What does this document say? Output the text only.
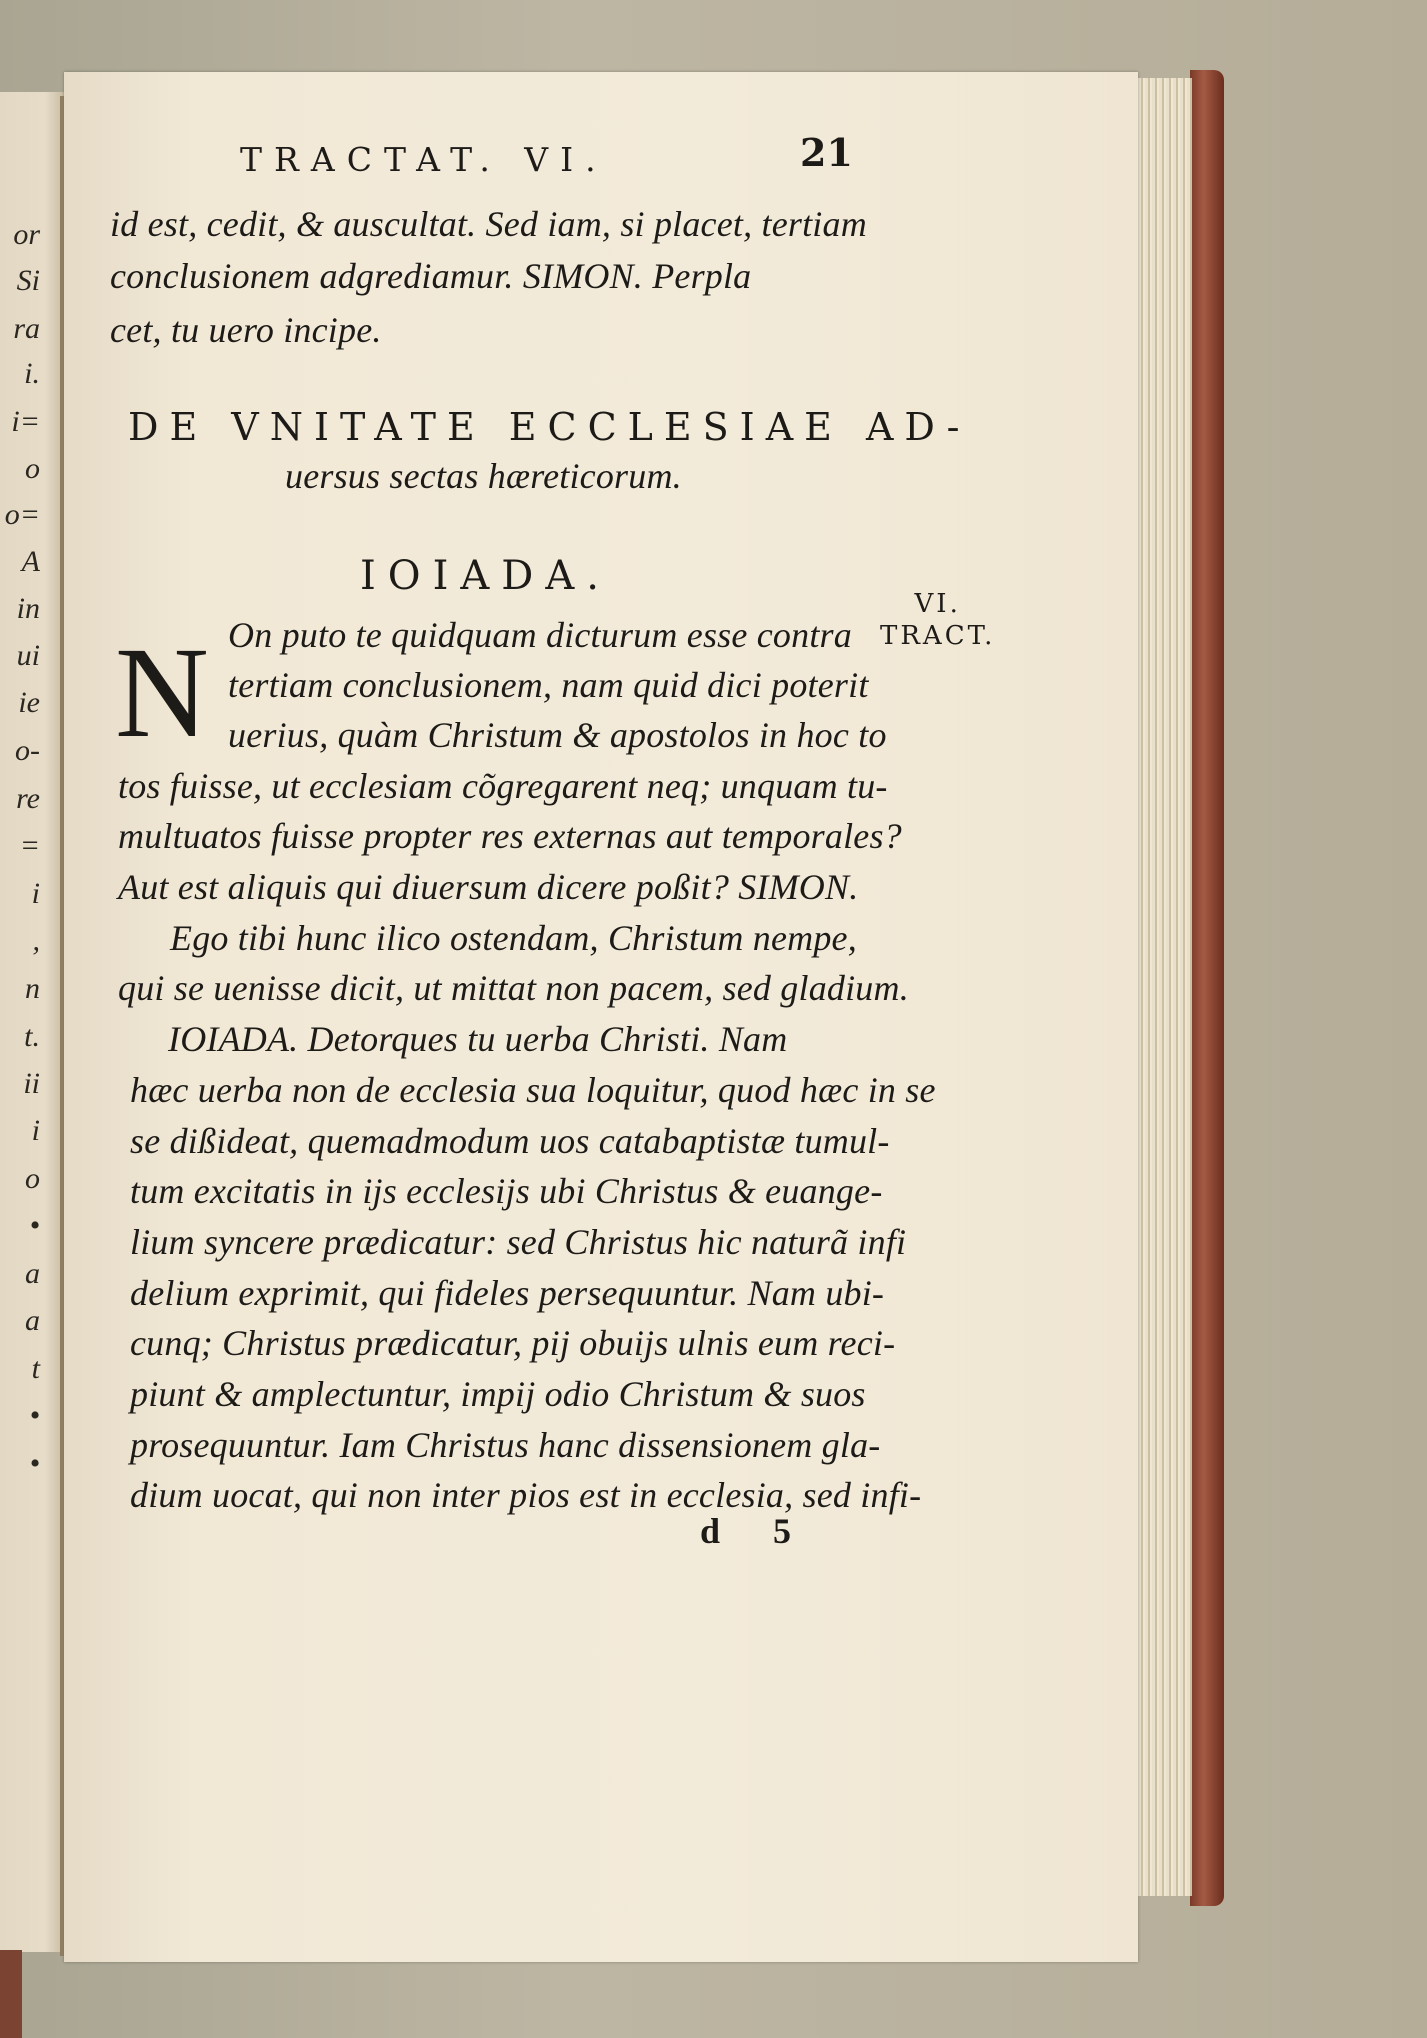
or
Si
ra
i.
i=
o
o=
A
in
ui
ie
o-
re
=
i
,
n
t.
ii
i
o
•
a
a
t
•
•
TRACTAT. VI.	21
id est, cedit, & auscultat. Sed iam, si placet, tertiam
conclusionem adgrediamur. SIMON. Perpla
cet, tu uero incipe.
DE VNITATE ECCLESIAE AD-
uersus sectas hæreticorum.
IOIADA.
VI.
TRACT.
N On puto te quidquam dicturum esse contra
tertiam conclusionem, nam quid dici poterit
uerius, quàm Christum & apostolos in hoc to
tos fuisse, ut ecclesiam cõgregarent neq; unquam tu-
multuatos fuisse propter res externas aut temporales?
Aut est aliquis qui diuersum dicere poßit? SIMON.
Ego tibi hunc ilico ostendam, Christum nempe,
qui se uenisse dicit, ut mittat non pacem, sed gladium.
IOIADA. Detorques tu uerba Christi. Nam
hæc uerba non de ecclesia sua loquitur, quod hæc in se
se dißideat, quemadmodum uos catabaptistæ tumul-
tum excitatis in ijs ecclesijs ubi Christus & euange-
lium syncere prædicatur: sed Christus hic naturã infi
delium exprimit, qui fideles persequuntur. Nam ubi-
cunq; Christus prædicatur, pij obuijs ulnis eum reci-
piunt & amplectuntur, impij odio Christum & suos
prosequuntur. Iam Christus hanc dissensionem gla-
dium uocat, qui non inter pios est in ecclesia, sed infi-
d 5
